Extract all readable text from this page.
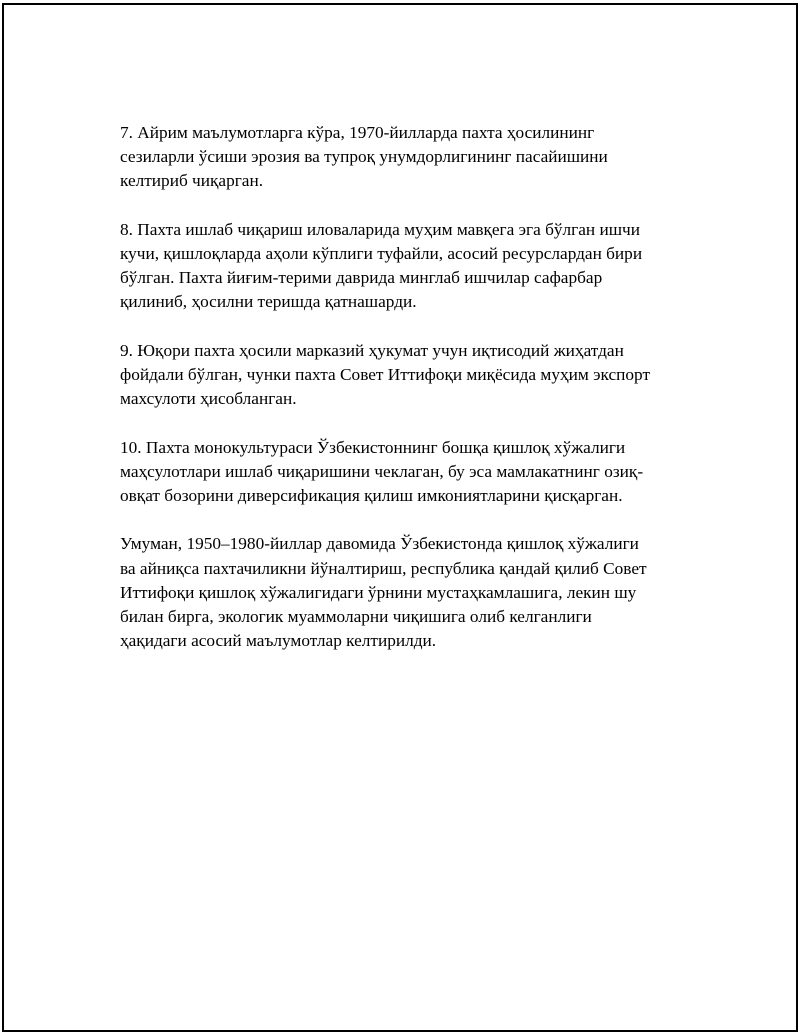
7. Айрим маълумотларга кўра, 1970-йилларда пахта ҳосилининг
сезиларли ўсиши эрозия ва тупроқ унумдорлигининг пасайишини
келтириб чиқарган.

8. Пахта ишлаб чиқариш иловаларида муҳим мавқега эга бўлган ишчи
кучи, қишлоқларда аҳоли кўплиги туфайли, асосий ресурслардан бири
бўлган. Пахта йиғим-терими даврида минглаб ишчилар сафарбар
қилиниб, ҳосилни теришда қатнашарди.

9. Юқори пахта ҳосили марказий ҳукумат учун иқтисодий жиҳатдан
фойдали бўлган, чунки пахта Совет Иттифоқи миқёсида муҳим экспорт
махсулоти ҳисобланган.

10. Пахта монокультураси Ўзбекистоннинг бошқа қишлоқ хўжалиги
маҳсулотлари ишлаб чиқаришини чеклаган, бу эса мамлакатнинг озиқ-
овқат бозорини диверсификация қилиш имкониятларини қисқарган.

Умуман, 1950–1980-йиллар давомида Ўзбекистонда қишлоқ хўжалиги
ва айниқса пахтачиликни йўналтириш, республика қандай қилиб Совет
Иттифоқи қишлоқ хўжалигидаги ўрнини мустаҳкамлашига, лекин шу
билан бирга, экологик муаммоларни чиқишига олиб келганлиги
ҳақидаги асосий маълумотлар келтирилди.
